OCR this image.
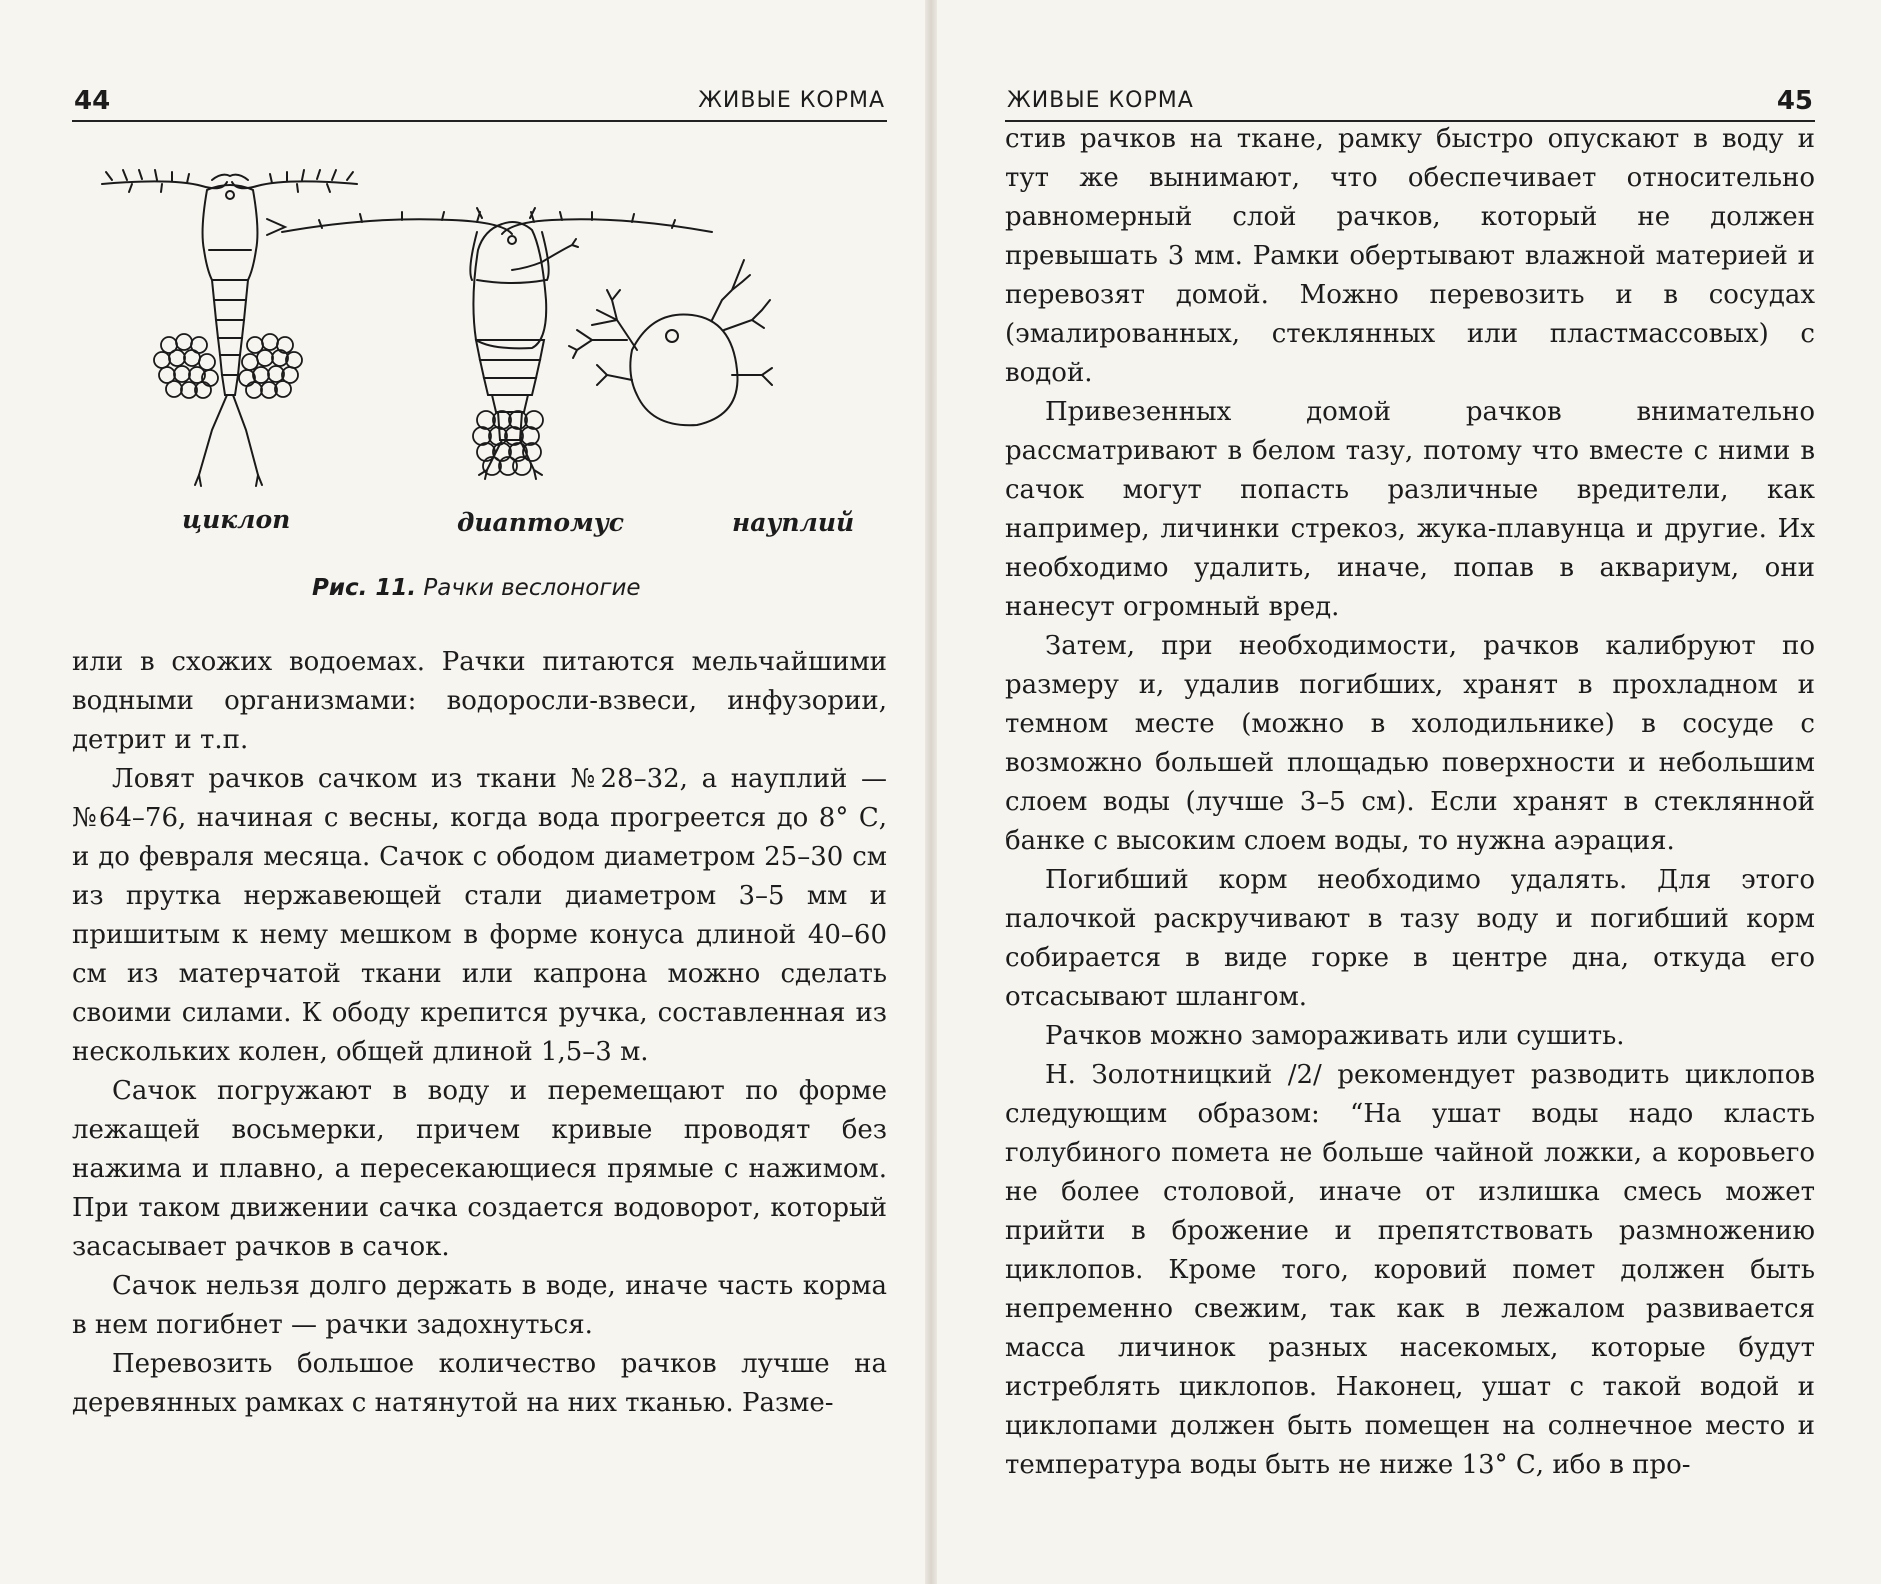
44	ЖИВЫЕ КОРМА
циклоп	диаптомус	науплий
Рис. 11. Рачки веслоногие

или в схожих водоемах. Рачки питаются мельчайшими водными организмами: водоросли-взвеси, инфузории, детрит и т.п.

Ловят рачков сачком из ткани №28–32, а науплий — №64–76, начиная с весны, когда вода прогреется до 8° С, и до февраля месяца. Сачок с ободом диаметром 25–30 см из прутка нержавеющей стали диаметром 3–5 мм и пришитым к нему мешком в форме конуса длиной 40–60 см из матерчатой ткани или капрона можно сделать своими силами. К ободу крепится ручка, составленная из нескольких колен, общей длиной 1,5–3 м.

Сачок погружают в воду и перемещают по форме лежащей восьмерки, причем кривые проводят без нажима и плавно, а пересекающиеся прямые с нажимом. При таком движении сачка создается водоворот, который засасывает рачков в сачок.

Сачок нельзя долго держать в воде, иначе часть корма в нем погибнет — рачки задохнуться.

Перевозить большое количество рачков лучше на деревянных рамках с натянутой на них тканью. Разме-

ЖИВЫЕ КОРМА	45

стив рачков на ткане, рамку быстро опускают в воду и тут же вынимают, что обеспечивает относительно равномерный слой рачков, который не должен превышать 3 мм. Рамки обертывают влажной материей и перевозят домой. Можно перевозить и в сосудах (эмалированных, стеклянных или пластмассовых) с водой.

Привезенных домой рачков внимательно рассматривают в белом тазу, потому что вместе с ними в сачок могут попасть различные вредители, как например, личинки стрекоз, жука-плавунца и другие. Их необходимо удалить, иначе, попав в аквариум, они нанесут огромный вред.

Затем, при необходимости, рачков калибруют по размеру и, удалив погибших, хранят в прохладном и темном месте (можно в холодильнике) в сосуде с возможно большей площадью поверхности и небольшим слоем воды (лучше 3–5 см). Если хранят в стеклянной банке с высоким слоем воды, то нужна аэрация.

Погибший корм необходимо удалять. Для этого палочкой раскручивают в тазу воду и погибший корм собирается в виде горке в центре дна, откуда его отсасывают шлангом.

Рачков можно замораживать или сушить.

Н. Золотницкий /2/ рекомендует разводить циклопов следующим образом: “На ушат воды надо класть голубиного помета не больше чайной ложки, а коровьего не более столовой, иначе от излишка смесь может прийти в брожение и препятствовать размножению циклопов. Кроме того, коровий помет должен быть непременно свежим, так как в лежалом развивается масса личинок разных насекомых, которые будут истреблять циклопов. Наконец, ушат с такой водой и циклопами должен быть помещен на солнечное место и температура воды быть не ниже 13° С, ибо в про-
